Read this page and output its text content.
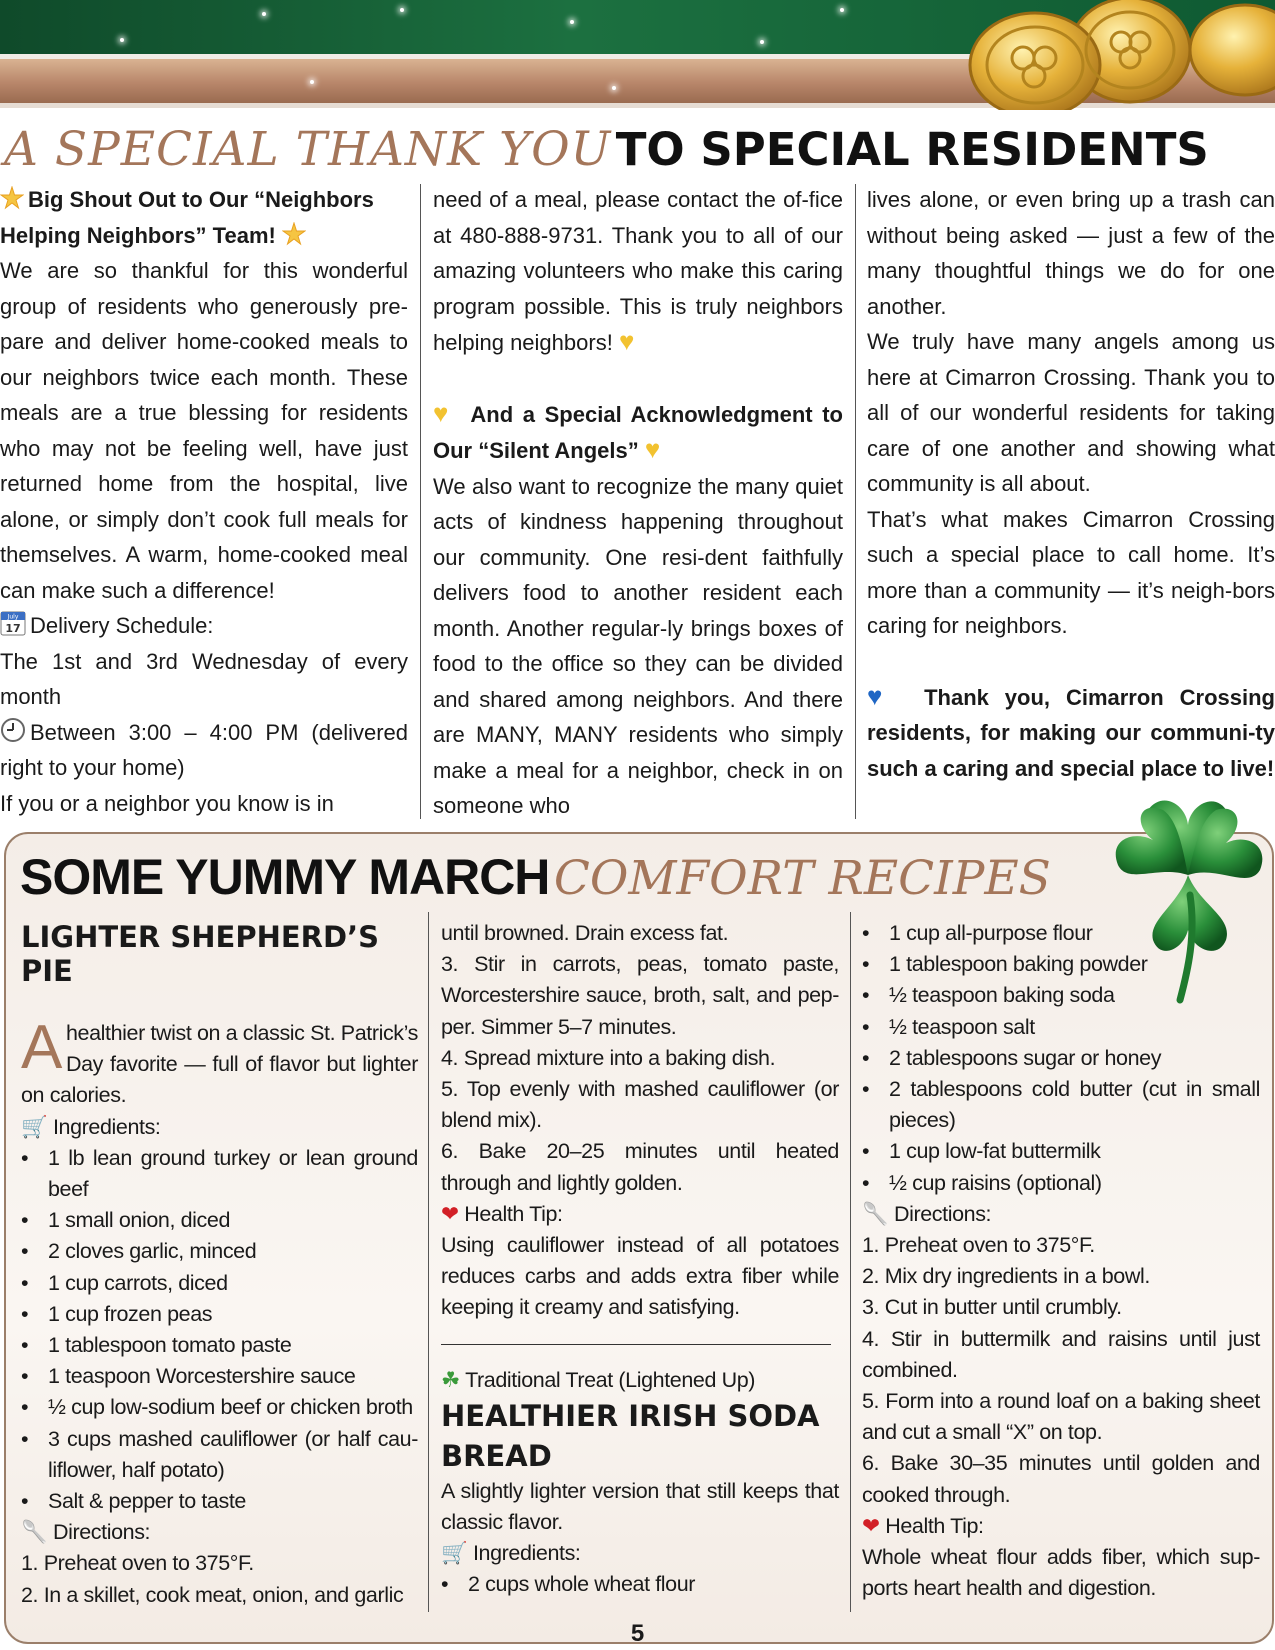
A SPECIAL THANK YOU TO SPECIAL RESIDENTS

Big Shout Out to Our “Neighbors Helping Neighbors” Team!

We are so thankful for this wonderful group of residents who generously pre-pare and deliver home-cooked meals to our neighbors twice each month. These meals are a true blessing for residents who may not be feeling well, have just returned home from the hospital, live alone, or simply don’t cook full meals for themselves. A warm, home-cooked meal can make such a difference!

July
17 Delivery Schedule:

The 1st and 3rd Wednesday of every month

Between 3:00 – 4:00 PM (delivered right to your home)

If you or a neighbor you know is in

need of a meal, please contact the of-fice at 480-888-9731. Thank you to all of our amazing volunteers who make this caring program possible. This is truly neighbors helping neighbors! ♥

♥ And a Special Acknowledgment to Our “Silent Angels” ♥

We also want to recognize the many quiet acts of kindness happening throughout our community. One resi-dent faithfully delivers food to another resident each month. Another regular-ly brings boxes of food to the office so they can be divided and shared among neighbors. And there are MANY, MANY residents who simply make a meal for a neighbor, check in on someone who

lives alone, or even bring up a trash can without being asked — just a few of the many thoughtful things we do for one another.

We truly have many angels among us here at Cimarron Crossing. Thank you to all of our wonderful residents for taking care of one another and showing what community is all about.

That’s what makes Cimarron Crossing such a special place to call home. It’s more than a community — it’s neigh-bors caring for neighbors.

♥ Thank you, Cimarron Crossing residents, for making our communi-ty such a caring and special place to live!

SOME YUMMY MARCH COMFORT RECIPES

LIGHTER SHEPHERD’S PIE

Ahealthier twist on a classic St. Patrick’s Day favorite — full of flavor but lighter on calories.

🛒 Ingredients:

• 1 lb lean ground turkey or lean ground beef
• 1 small onion, diced
• 2 cloves garlic, minced
• 1 cup carrots, diced
• 1 cup frozen peas
• 1 tablespoon tomato paste
• 1 teaspoon Worcestershire sauce
• ½ cup low-sodium beef or chicken broth
• 3 cups mashed cauliflower (or half cau-liflower, half potato)
• Salt & pepper to taste

🥄 Directions:

1. Preheat oven to 375°F.

2. In a skillet, cook meat, onion, and garlic

until browned. Drain excess fat.

3. Stir in carrots, peas, tomato paste, Worcestershire sauce, broth, salt, and pep-per. Simmer 5–7 minutes.

4. Spread mixture into a baking dish.

5. Top evenly with mashed cauliflower (or blend mix).

6. Bake 20–25 minutes until heated through and lightly golden.

❤ Health Tip:

Using cauliflower instead of all potatoes reduces carbs and adds extra fiber while keeping it creamy and satisfying.

☘ Traditional Treat (Lightened Up)

HEALTHIER IRISH SODA BREAD

A slightly lighter version that still keeps that classic flavor.

🛒 Ingredients:

• 2 cups whole wheat flour
• 1 cup all-purpose flour
• 1 tablespoon baking powder
• ½ teaspoon baking soda
• ½ teaspoon salt
• 2 tablespoons sugar or honey
• 2 tablespoons cold butter (cut in small pieces)
• 1 cup low-fat buttermilk
• ½ cup raisins (optional)

🥄 Directions:

1. Preheat oven to 375°F.

2. Mix dry ingredients in a bowl.

3. Cut in butter until crumbly.

4. Stir in buttermilk and raisins until just combined.

5. Form into a round loaf on a baking sheet and cut a small “X” on top.

6. Bake 30–35 minutes until golden and cooked through.

❤ Health Tip:

Whole wheat flour adds fiber, which sup-ports heart health and digestion.

5
